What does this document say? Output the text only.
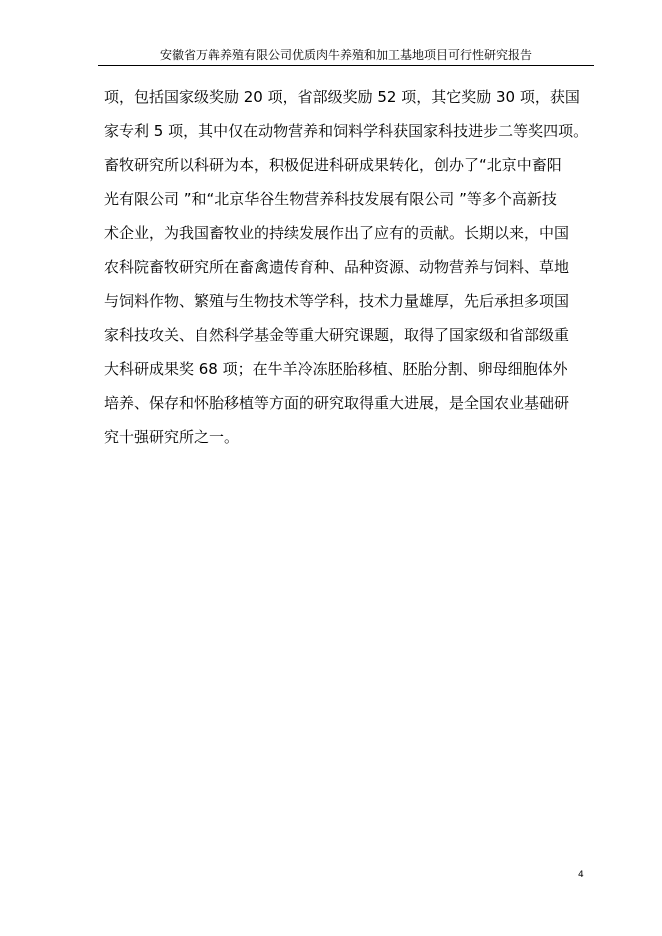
安徽省万犇养殖有限公司优质肉牛养殖和加工基地项目可行性研究报告
项，包括国家级奖励 20 项，省部级奖励 52 项，其它奖励 30 项，获国
家专利 5 项，其中仅在动物营养和饲料学科获国家科技进步二等奖四项。
畜牧研究所以科研为本，积极促进科研成果转化，创办了“北京中畜阳
光有限公司 ”和“北京华谷生物营养科技发展有限公司 ”等多个高新技
术企业，为我国畜牧业的持续发展作出了应有的贡献。长期以来，中国
农科院畜牧研究所在畜禽遗传育种、品种资源、动物营养与饲料、草地
与饲料作物、繁殖与生物技术等学科，技术力量雄厚，先后承担多项国
家科技攻关、自然科学基金等重大研究课题，取得了国家级和省部级重
大科研成果奖 68 项；在牛羊冷冻胚胎移植、胚胎分割、卵母细胞体外
培养、保存和怀胎移植等方面的研究取得重大进展，是全国农业基础研
究十强研究所之一。
4
